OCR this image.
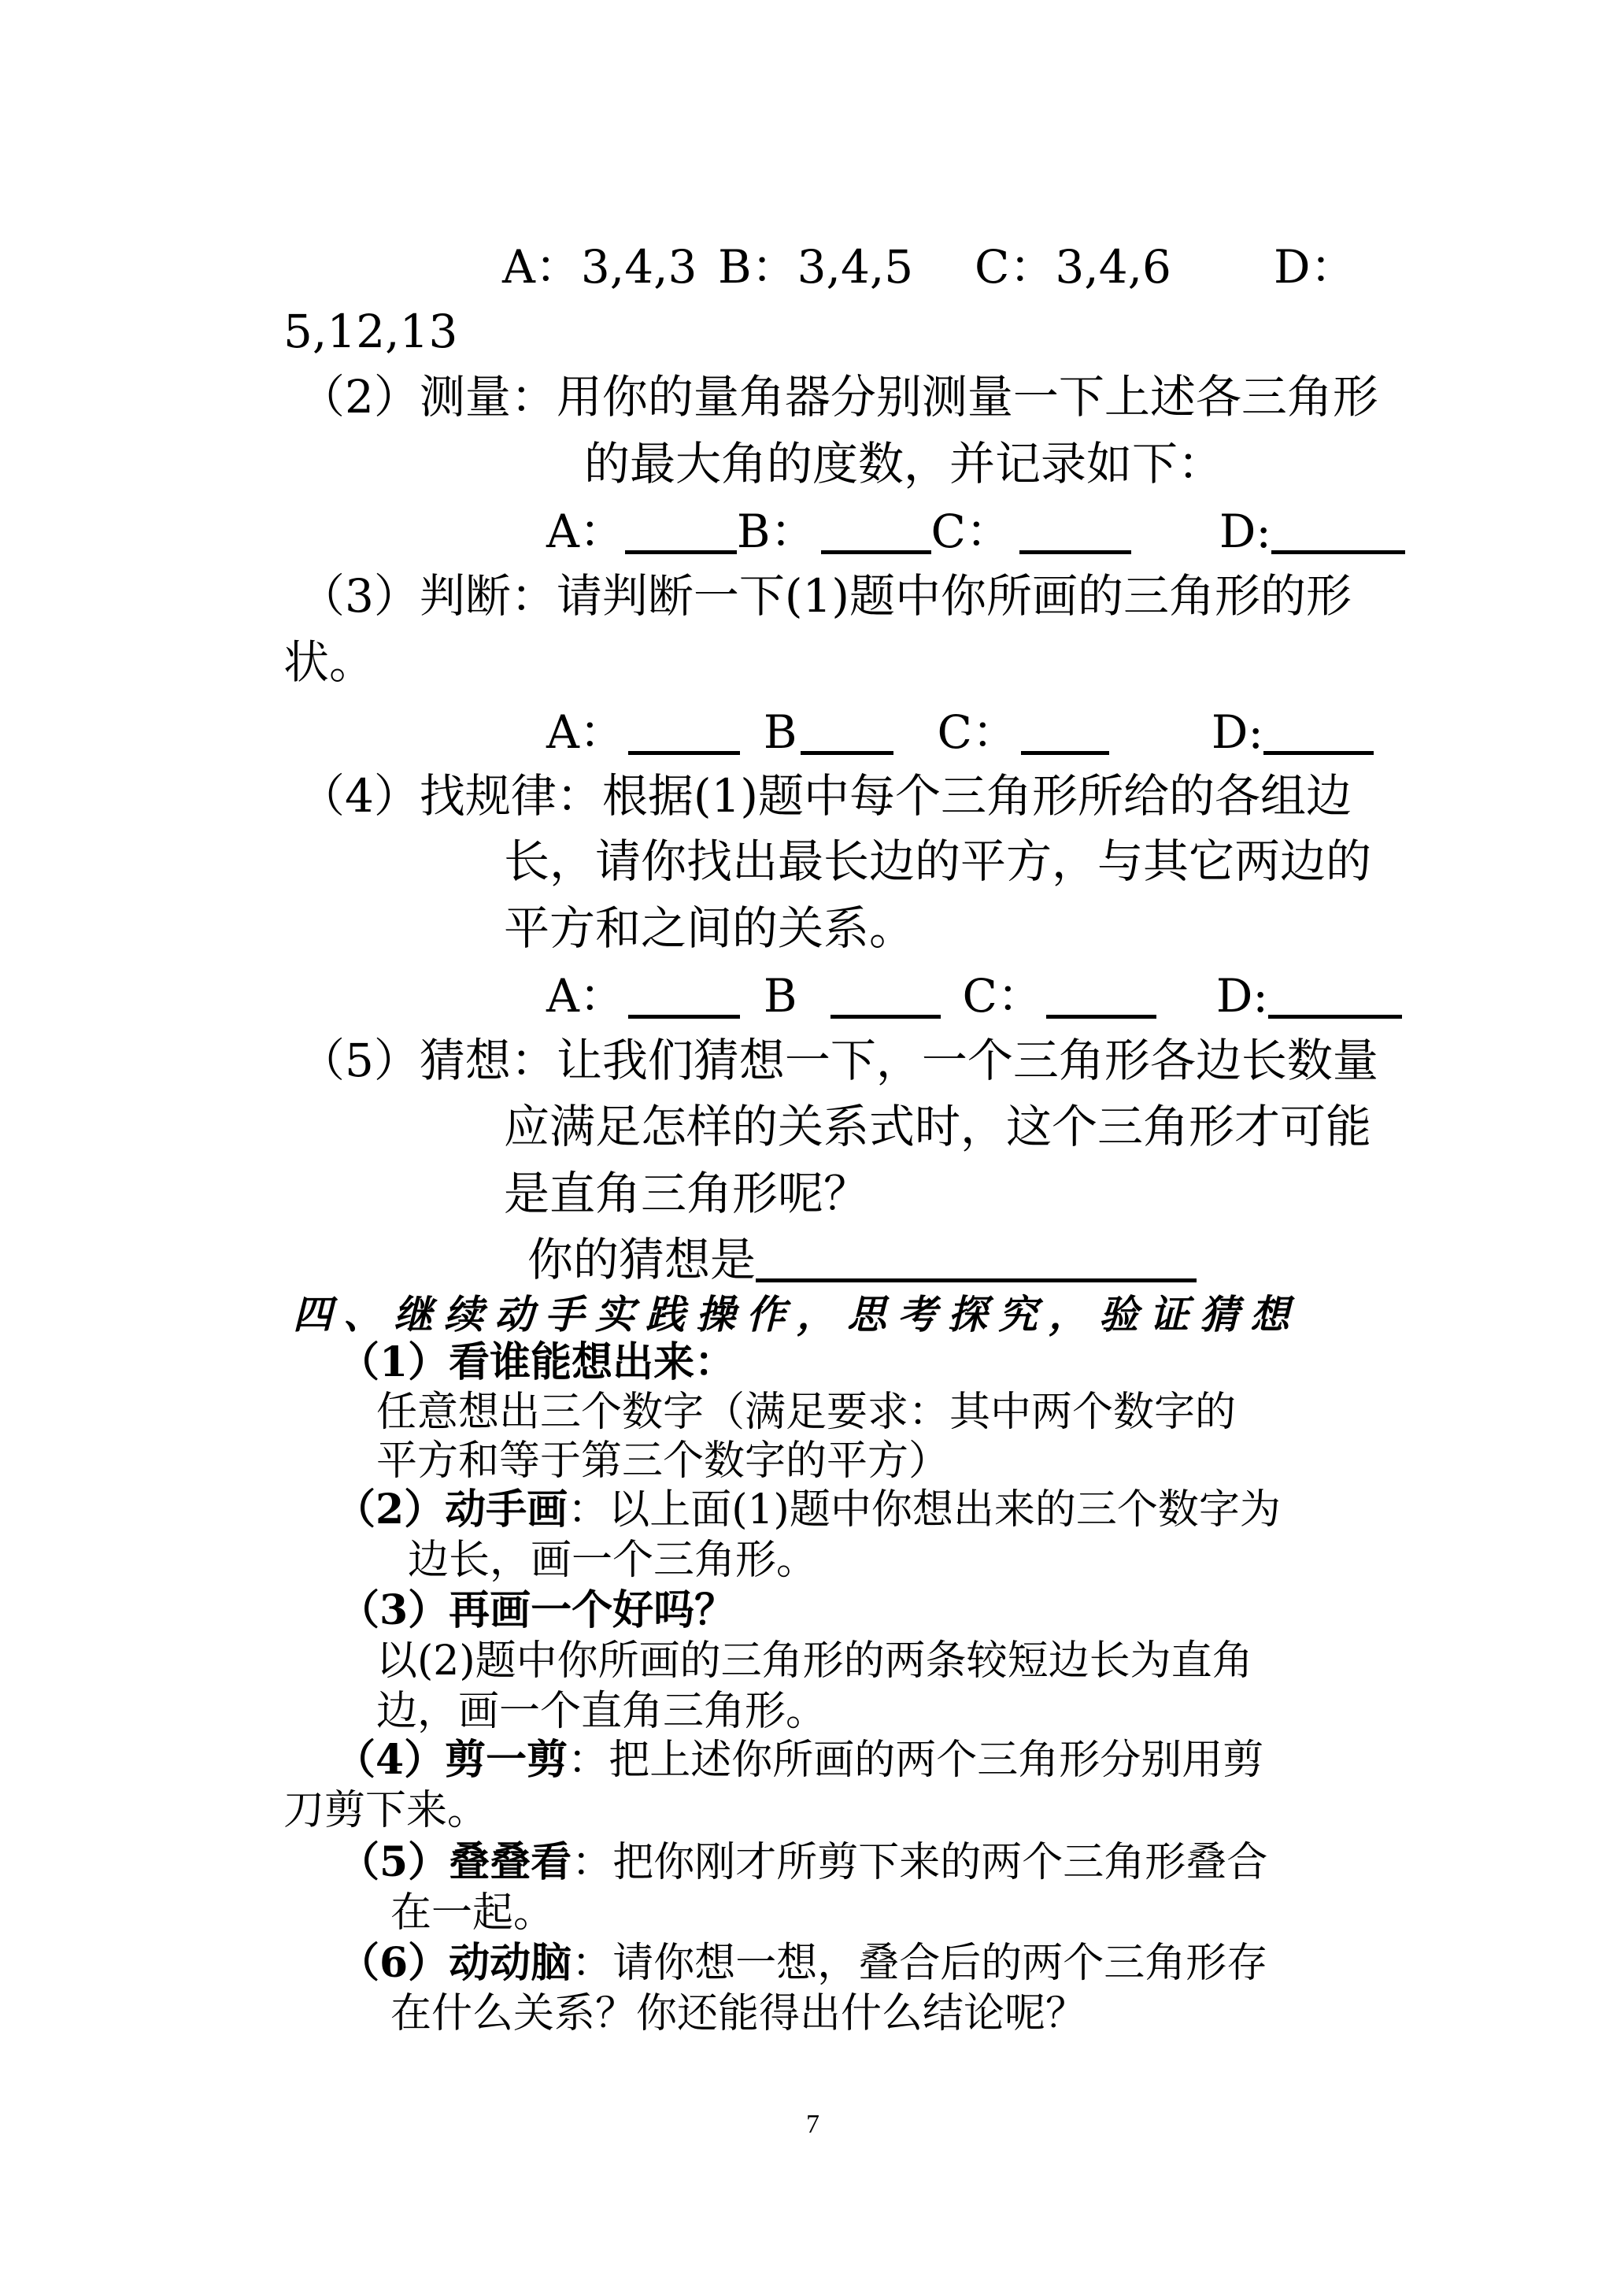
A：3,4,3 B：3,4,5 C：3,4,6 D：
5,12,13
（2）测量：用你的量角器分别测量一下上述各三角形
的最大角的度数，并记录如下：
A： B：	C：	D:
（3）判断：请判断一下(1)题中你所画的三角形的形
状。
A：	B	C：	D:
（4）找规律：根据(1)题中每个三角形所给的各组边
长，请你找出最长边的平方，与其它两边的
平方和之间的关系。
A：	B	C：	D:
（5）猜想：让我们猜想一下，一个三角形各边长数量
应满足怎样的关系式时，这个三角形才可能
是直角三角形呢？
你的猜想是
四、继续动手实践操作，思考探究，验证猜想
（1）看谁能想出来：
任意想出三个数字（满足要求：其中两个数字的
平方和等于第三个数字的平方）
（2）动手画：以上面(1)题中你想出来的三个数字为
边长，画一个三角形。
（3）再画一个好吗？
以(2)题中你所画的三角形的两条较短边长为直角
边，画一个直角三角形。
（4）剪一剪：把上述你所画的两个三角形分别用剪
刀剪下来。
（5）叠叠看：把你刚才所剪下来的两个三角形叠合
在一起。
（6）动动脑：请你想一想，叠合后的两个三角形存
在什么关系？你还能得出什么结论呢？
7
